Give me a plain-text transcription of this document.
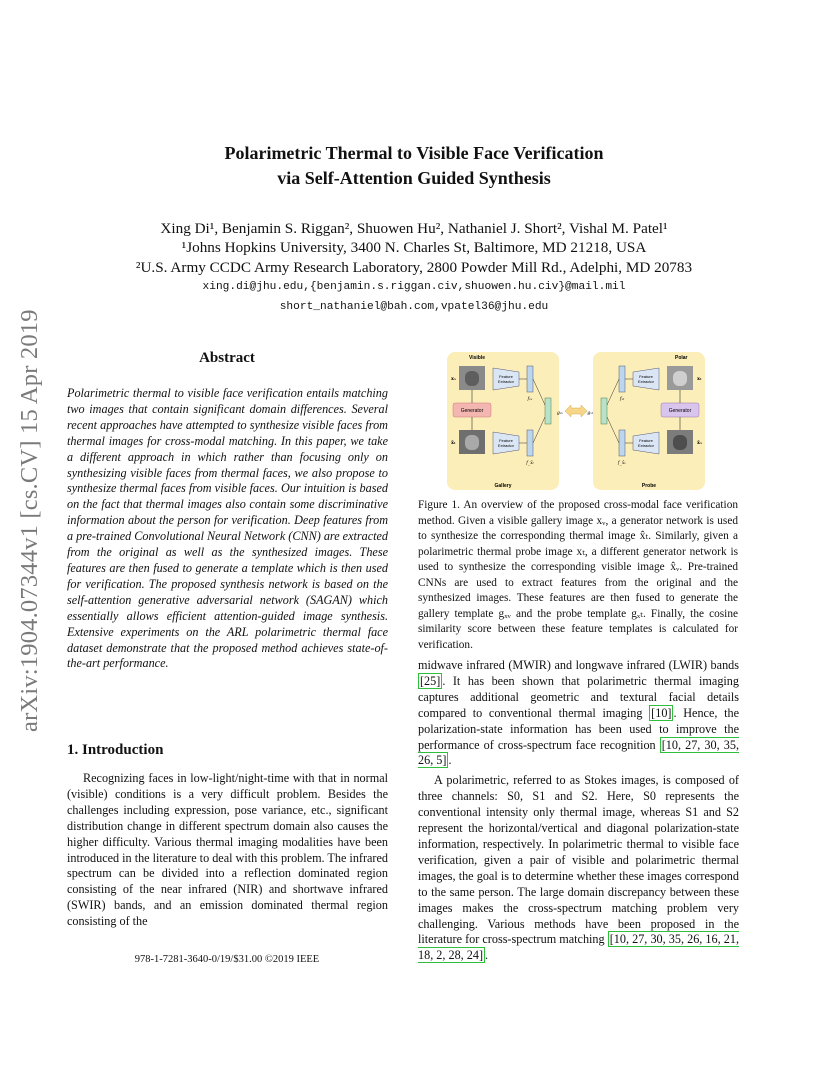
arXiv:1904.07344v1 [cs.CV] 15 Apr 2019
Polarimetric Thermal to Visible Face Verification
via Self-Attention Guided Synthesis
Xing Di¹, Benjamin S. Riggan², Shuowen Hu², Nathaniel J. Short², Vishal M. Patel¹
¹Johns Hopkins University, 3400 N. Charles St, Baltimore, MD 21218, USA
²U.S. Army CCDC Army Research Laboratory, 2800 Powder Mill Rd., Adelphi, MD 20783
xing.di@jhu.edu,{benjamin.s.riggan.civ,shuowen.hu.civ}@mail.mil
short_nathaniel@bah.com,vpatel36@jhu.edu
Abstract
Polarimetric thermal to visible face verification entails matching two images that contain significant domain differences. Several recent approaches have attempted to synthesize visible faces from thermal images for cross-modal matching. In this paper, we take a different approach in which rather than focusing only on synthesizing visible faces from thermal faces, we also propose to synthesize thermal faces from visible faces. Our intuition is based on the fact that thermal images also contain some discriminative information about the person for verification. Deep features from a pre-trained Convolutional Neural Network (CNN) are extracted from the original as well as the synthesized images. These features are then fused to generate a template which is then used for verification. The proposed synthesis network is based on the self-attention generative adversarial network (SAGAN) which essentially allows efficient attention-guided image synthesis. Extensive experiments on the ARL polarimetric thermal face dataset demonstrate that the proposed method achieves state-of-the-art performance.
1. Introduction

Recognizing faces in low-light/night-time with that in normal (visible) conditions is a very difficult problem. Besides the challenges including expression, pose variance, etc., significant distribution change in different spectrum domain also causes the higher difficulty. Various thermal imaging modalities have been introduced in the literature to deal with this problem. The infrared spectrum can be divided into a reflection dominated region consisting of the near infrared (NIR) and shortwave infrared (SWIR) bands, and an emission dominated thermal region consisting of the

Visible	Polar
xᵥ
x̂ₜ
xₜ
x̂ᵥ
Generator	Generator
Feature
Extractor
Feature
Extractor
Feature
Extractor
Feature
Extractor
fₓᵥ
f_x̂ₜ
gₓᵥ
fₓₜ
f_x̂ᵥ
gₓₜ
Gallery	Probe
Figure 1. An overview of the proposed cross-modal face verification method. Given a visible gallery image xᵥ, a generator network is used to synthesize the corresponding thermal image x̂ₜ. Similarly, given a polarimetric thermal probe image xₜ, a different generator network is used to synthesize the corresponding visible image x̂ᵥ. Pre-trained CNNs are used to extract features from the original and the synthesized images. These features are then fused to generate the gallery template gₓᵥ and the probe template gₓₜ. Finally, the cosine similarity score between these feature templates is calculated for verification.

midwave infrared (MWIR) and longwave infrared (LWIR) bands [25] . It has been shown that polarimetric thermal imaging captures additional geometric and textural facial details compared to conventional thermal imaging [10] . Hence, the polarization-state information has been used to improve the performance of cross-spectrum face recognition [10, 27, 30, 35, 26, 5] .

A polarimetric, referred to as Stokes images, is composed of three channels: S0, S1 and S2. Here, S0 represents the conventional intensity only thermal image, whereas S1 and S2 represent the horizontal/vertical and diagonal polarization-state information, respectively. In polarimetric thermal to visible face verification, given a pair of visible and polarimetric thermal images, the goal is to determine whether these images correspond to the same person. The large domain discrepancy between these images makes the cross-spectrum matching problem very challenging. Various methods have been proposed in the literature for cross-spectrum matching [10, 27, 30, 35, 26, 16, 21, 18, 2, 28, 24] .

978-1-7281-3640-0/19/$31.00 ©2019 IEEE
